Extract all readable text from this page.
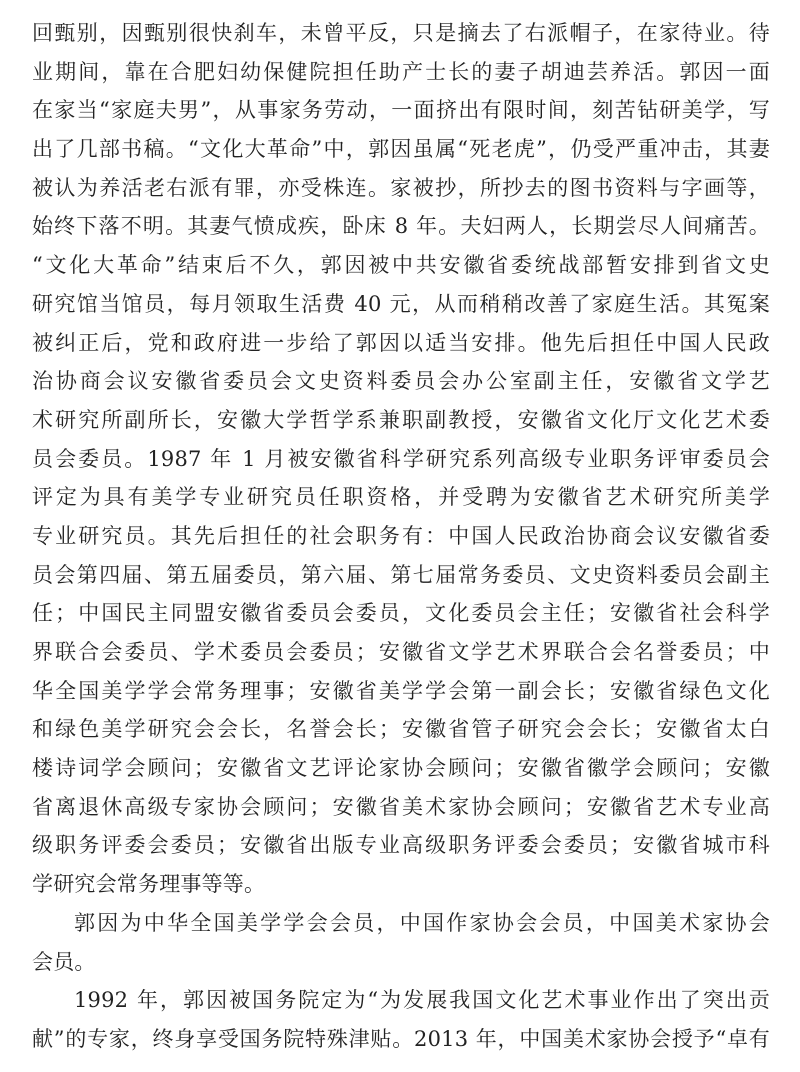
回甄别，因甄别很快刹车，未曾平反，只是摘去了右派帽子，在家待业。待
业期间，靠在合肥妇幼保健院担任助产士长的妻子胡迪芸养活。郭因一面
在家当“家庭夫男”，从事家务劳动，一面挤出有限时间，刻苦钻研美学，写
出了几部书稿。“文化大革命”中，郭因虽属“死老虎”，仍受严重冲击，其妻
被认为养活老右派有罪，亦受株连。家被抄，所抄去的图书资料与字画等，
始终下落不明。其妻气愤成疾，卧床 8 年。夫妇两人，长期尝尽人间痛苦。
“文化大革命”结束后不久，郭因被中共安徽省委统战部暂安排到省文史
研究馆当馆员，每月领取生活费 40 元，从而稍稍改善了家庭生活。其冤案
被纠正后，党和政府进一步给了郭因以适当安排。他先后担任中国人民政
治协商会议安徽省委员会文史资料委员会办公室副主任，安徽省文学艺
术研究所副所长，安徽大学哲学系兼职副教授，安徽省文化厅文化艺术委
员会委员。1987 年 1 月被安徽省科学研究系列高级专业职务评审委员会
评定为具有美学专业研究员任职资格，并受聘为安徽省艺术研究所美学
专业研究员。其先后担任的社会职务有：中国人民政治协商会议安徽省委
员会第四届、第五届委员，第六届、第七届常务委员、文史资料委员会副主
任；中国民主同盟安徽省委员会委员，文化委员会主任；安徽省社会科学
界联合会委员、学术委员会委员；安徽省文学艺术界联合会名誉委员；中
华全国美学学会常务理事；安徽省美学学会第一副会长；安徽省绿色文化
和绿色美学研究会会长，名誉会长；安徽省管子研究会会长；安徽省太白
楼诗词学会顾问；安徽省文艺评论家协会顾问；安徽省徽学会顾问；安徽
省离退休高级专家协会顾问；安徽省美术家协会顾问；安徽省艺术专业高
级职务评委会委员；安徽省出版专业高级职务评委会委员；安徽省城市科
学研究会常务理事等等。
郭因为中华全国美学学会会员，中国作家协会会员，中国美术家协会
会员。
1992 年，郭因被国务院定为“为发展我国文化艺术事业作出了突出贡
献”的专家，终身享受国务院特殊津贴。2013 年，中国美术家协会授予“卓有
